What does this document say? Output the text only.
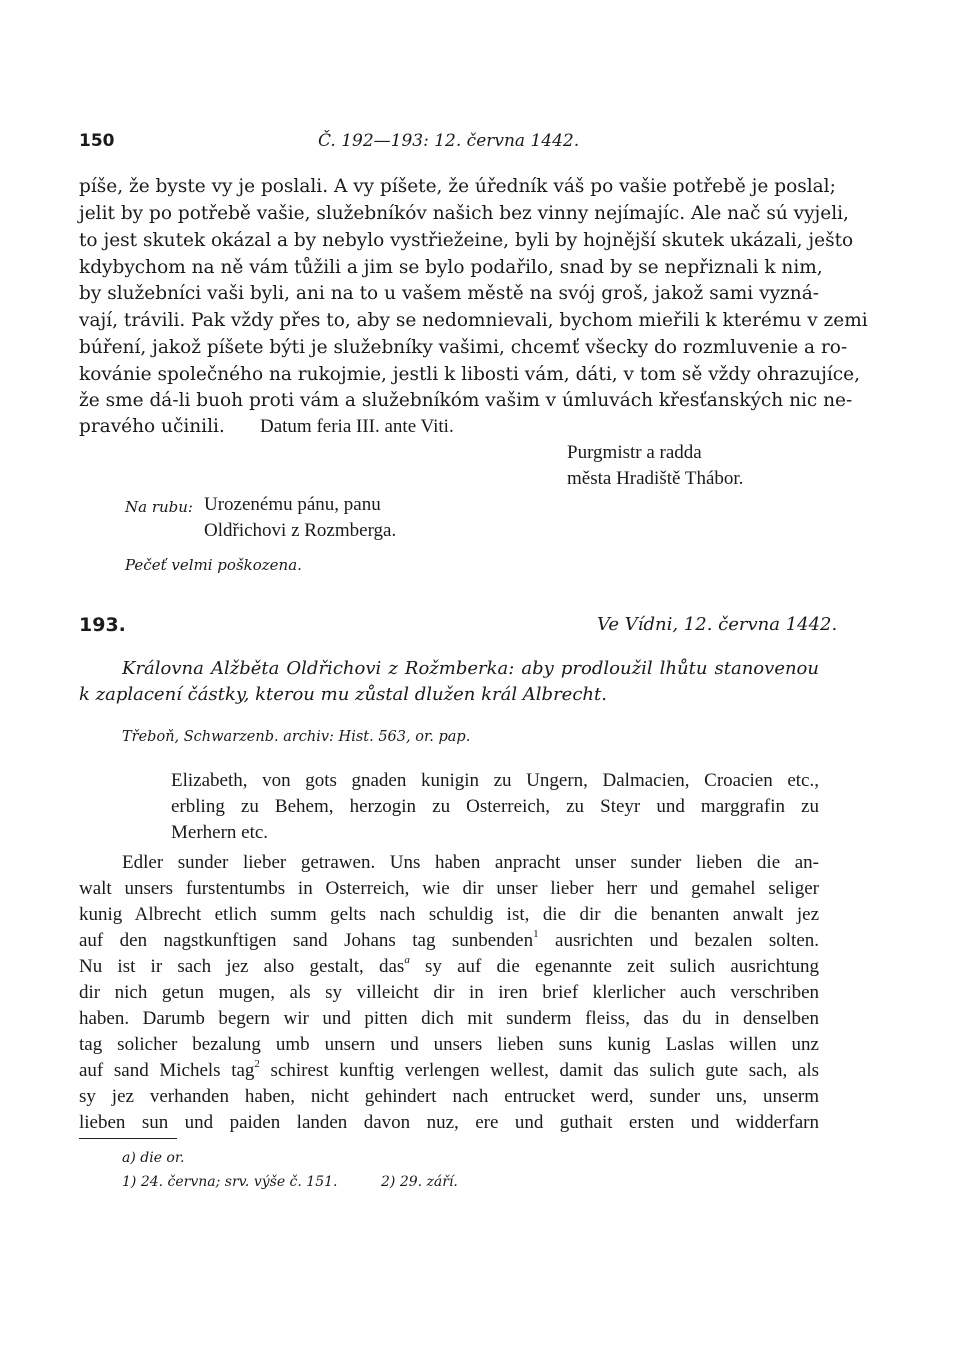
150	Č. 192—193: 12. června 1442.
píše, že byste vy je poslali. A vy píšete, že úředník váš po vašie potřebě je poslal;
jelit by po potřebě vašie, služebníkóv našich bez vinny nejímajíc. Ale nač sú vyjeli,
to jest skutek okázal a by nebylo vystřiežeine, byli by hojnější skutek ukázali, ješto
kdybychom na ně vám tůžili a jim se bylo podařilo, snad by se nepřiznali k nim,
by služebníci vaši byli, ani na to u vašem městě na svój groš, jakož sami vyzná-
vají, trávili. Pak vždy přes to, aby se nedomnievali, bychom mieřili k kterému v zemi
búření, jakož píšete býti je služebníky vašimi, chcemť všecky do rozmluvenie a ro-
kovánie společného na rukojmie, jestli k libosti vám, dáti, v tom sě vždy ohrazujíce,
že sme dá-li buoh proti vám a služebníkóm vašim v úmluvách křesťanských nic ne-
pravého učinili. Datum feria III. ante Viti.
Purgmistr a radda
města Hradiště Thábor.
Na rubu: Urozenému pánu, panu
Oldřichovi z Rozmberga.
Pečeť velmi poškozena.
193.	Ve Vídni, 12. června 1442.
Královna Alžběta Oldřichovi z Rožmberka: aby prodloužil lhůtu stanovenou
k zaplacení částky, kterou mu zůstal dlužen král Albrecht.
Třeboň, Schwarzenb. archiv: Hist. 563, or. pap.
Elizabeth, von gots gnaden kunigin zu Ungern, Dalmacien, Croacien etc.,
erbling zu Behem, herzogin zu Osterreich, zu Steyr und marggrafin zu
Merhern etc.
Edler sunder lieber getrawen. Uns haben anpracht unser sunder lieben die an-
walt unsers furstentumbs in Osterreich, wie dir unser lieber herr und gemahel seliger
kunig Albrecht etlich summ gelts nach schuldig ist, die dir die benanten anwalt jez
auf den nagstkunftigen sand Johans tag sunbenden$^1$ ausrichten und bezalen solten.
Nu ist ir sach jez also gestalt, das$^a$ sy auf die egenannte zeit sulich ausrichtung
dir nich getun mugen, als sy villeicht dir in iren brief klerlicher auch verschriben
haben. Darumb begern wir und pitten dich mit sunderm fleiss, das du in denselben
tag solicher bezalung umb unsern und unsers lieben suns kunig Laslas willen unz
auf sand Michels tag$^2$ schirest kunftig verlengen wellest, damit das sulich gute sach, als
sy jez verhanden haben, nicht gehindert nach entrucket werd, sunder uns, unserm
lieben sun und paiden landen davon nuz, ere und guthait ersten und widderfarn
a) die or.
1) 24. června; srv. výše č. 151.	2) 29. září.
